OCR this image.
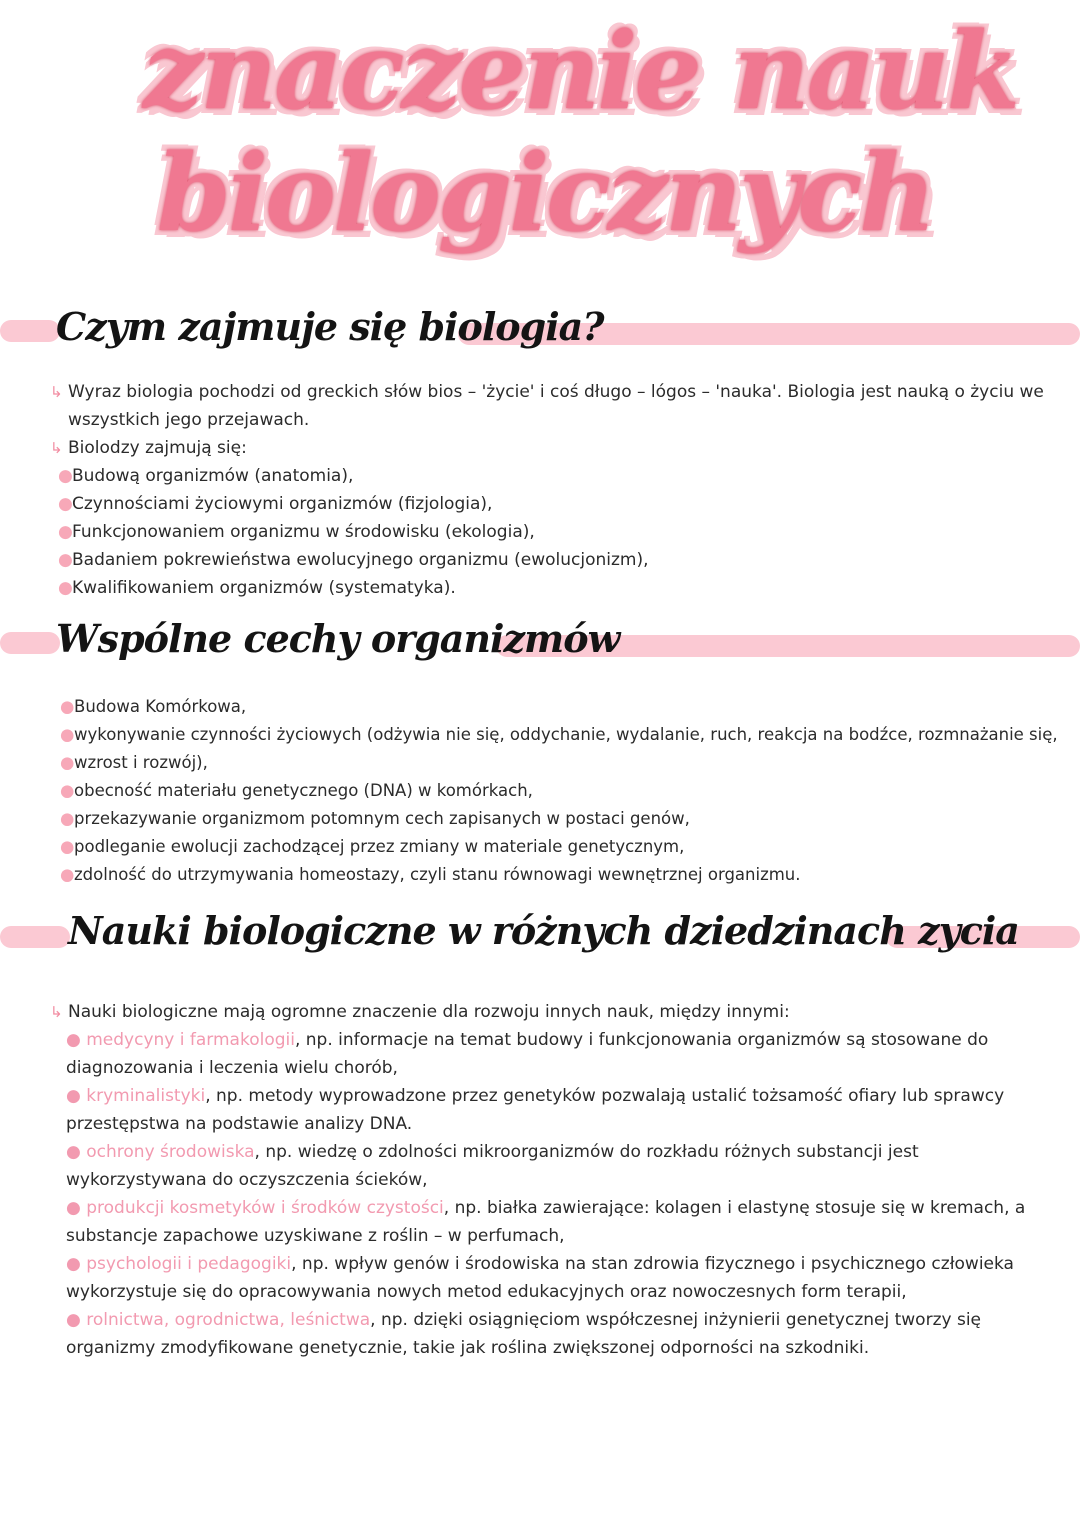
znaczenie nauk
biologicznych
Czym zajmuje się biologia?
↳ Wyraz biologia pochodzi od greckich słów bios – 'życie' i coś długo – lógos – 'nauka'. Biologia jest nauką o życiu we wszystkich jego przejawach.
↳ Biolodzy zajmują się:
● Budową organizmów (anatomia),
● Czynnościami życiowymi organizmów (fizjologia),
● Funkcjonowaniem organizmu w środowisku (ekologia),
● Badaniem pokrewieństwa ewolucyjnego organizmu (ewolucjonizm),
● Kwalifikowaniem organizmów (systematyka).
Wspólne cechy organizmów
● Budowa Komórkowa,
● wykonywanie czynności życiowych (odżywia nie się, oddychanie, wydalanie, ruch, reakcja na bodźce, rozmnażanie się,
● wzrost i rozwój),
● obecność materiału genetycznego (DNA) w komórkach,
● przekazywanie organizmom potomnym cech zapisanych w postaci genów,
● podleganie ewolucji zachodzącej przez zmiany w materiale genetycznym,
● zdolność do utrzymywania homeostazy, czyli stanu równowagi wewnętrznej organizmu.
Nauki biologiczne w różnych dziedzinach zycia
↳ Nauki biologiczne mają ogromne znaczenie dla rozwoju innych nauk, między innymi:
● medycyny i farmakologii, np. informacje na temat budowy i funkcjonowania organizmów są stosowane do diagnozowania i leczenia wielu chorób,
● kryminalistyki, np. metody wyprowadzone przez genetyków pozwalają ustalić tożsamość ofiary lub sprawcy przestępstwa na podstawie analizy DNA.
● ochrony środowiska, np. wiedzę o zdolności mikroorganizmów do rozkładu różnych substancji jest wykorzystywana do oczyszczenia ścieków,
● produkcji kosmetyków i środków czystości, np. białka zawierające: kolagen i elastynę stosuje się w kremach, a substancje zapachowe uzyskiwane z roślin – w perfumach,
● psychologii i pedagogiki, np. wpływ genów i środowiska na stan zdrowia fizycznego i psychicznego człowieka wykorzystuje się do opracowywania nowych metod edukacyjnych oraz nowoczesnych form terapii,
● rolnictwa, ogrodnictwa, leśnictwa, np. dzięki osiągnięciom współczesnej inżynierii genetycznej tworzy się organizmy zmodyfikowane genetycznie, takie jak roślina zwiększonej odporności na szkodniki.
